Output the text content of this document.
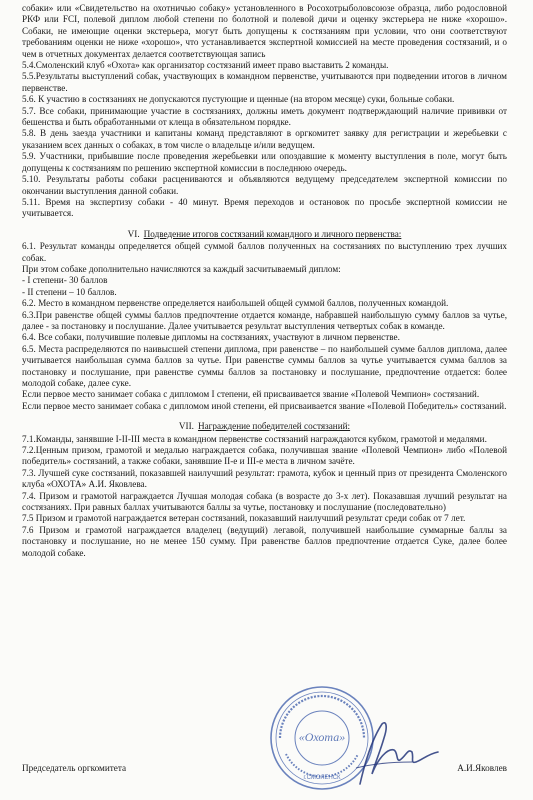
собаки» или «Свидетельство на охотничью собаку» установленного в Росохотрыболовсоюзе образца, либо родословной РКФ или FCI, полевой диплом любой степени по болотной и полевой дичи и оценку экстерьера не ниже «хорошо». Собаки, не имеющие оценки экстерьера, могут быть допущены к состязаниям при условии, что они соответствуют требованиям оценки не ниже «хорошо», что устанавливается экспертной комиссией на месте проведения состязаний, и о чем в отчетных документах делается соответствующая запись

5.4.Смоленский клуб «Охота» как организатор состязаний имеет право выставить 2 команды.

5.5.Результаты выступлений собак, участвующих в командном первенстве, учитываются при подведении итогов в личном первенстве.

5.6. К участию в состязаниях не допускаются пустующие и щенные (на втором месяце) суки, больные собаки.

5.7. Все собаки, принимающие участие в состязаниях, должны иметь документ подтверждающий наличие прививки от бешенства и быть обработанными от клеща в обязательном порядке.

5.8. В день заезда участники и капитаны команд представляют в оргкомитет заявку для регистрации и жеребьевки с указанием всех данных о собаках, в том числе о владельце и/или ведущем.

5.9. Участники, прибывшие после проведения жеребьевки или опоздавшие к моменту выступления в поле, могут быть допущены к состязаниям по решению экспертной комиссии в последнюю очередь.

5.10. Результаты работы собаки расцениваются и объявляются ведущему председателем экспертной комиссии по окончании выступления данной собаки.

5.11. Время на экспертизу собаки - 40 минут. Время переходов и остановок по просьбе экспертной комиссии не учитывается.

VI. Подведение итогов состязаний командного и личного первенства:

6.1. Результат команды определяется общей суммой баллов полученных на состязаниях по выступлению трех лучших собак.

При этом собаке дополнительно начисляются за каждый засчитываемый диплом:

- I степени- 30 баллов

- II степени – 10 баллов.

6.2. Место в командном первенстве определяется наибольшей общей суммой баллов, полученных командой.

6.3.При равенстве общей суммы баллов предпочтение отдается команде, набравшей наибольшую сумму баллов за чутье, далее - за постановку и послушание. Далее учитывается результат выступления четвертых собак в команде.

6.4. Все собаки, получившие полевые дипломы на состязаниях, участвуют в личном первенстве.

6.5. Места распределяются по наивысшей степени диплома, при равенстве – по наибольшей сумме баллов диплома, далее учитывается наибольшая сумма баллов за чутье. При равенстве суммы баллов за чутье учитывается сумма баллов за постановку и послушание, при равенстве суммы баллов за постановку и послушание, предпочтение отдается: более молодой собаке, далее суке.

Если первое место занимает собака с дипломом I степени, ей присваивается звание «Полевой Чемпион» состязаний.

Если первое место занимает собака с дипломом иной степени, ей присваивается звание «Полевой Победитель» состязаний.

VII. Награждение победителей состязаний:

7.1.Команды, занявшие I-II-III места в командном первенстве состязаний награждаются кубком, грамотой и медалями.

7.2.Ценным призом, грамотой и медалью награждается собака, получившая звание «Полевой Чемпион» либо «Полевой победитель» состязаний, а также собаки, занявшие II-е и III-е места в личном зачёте.

7.3. Лучшей суке состязаний, показавшей наилучший результат: грамота, кубок и ценный приз от президента Смоленского клуба «ОХОТА» А.И. Яковлева.

7.4. Призом и грамотой награждается Лучшая молодая собака (в возрасте до 3-х лет). Показавшая лучший результат на состязаниях. При равных баллах учитываются баллы за чутье, постановку и послушание (последовательно)

7.5 Призом и грамотой награждается ветеран состязаний, показавший наилучший результат среди собак от 7 лет.

7.6 Призом и грамотой награждается владелец (ведущий) легавой, получившей наибольшие суммарные баллы за постановку и послушание, но не менее 150 сумму. При равенстве баллов предпочтение отдается Суке, далее более молодой собаке.

Председатель оргкомитета	А.И.Яковлев
«Охота»
г.СМОЛЕНСК
